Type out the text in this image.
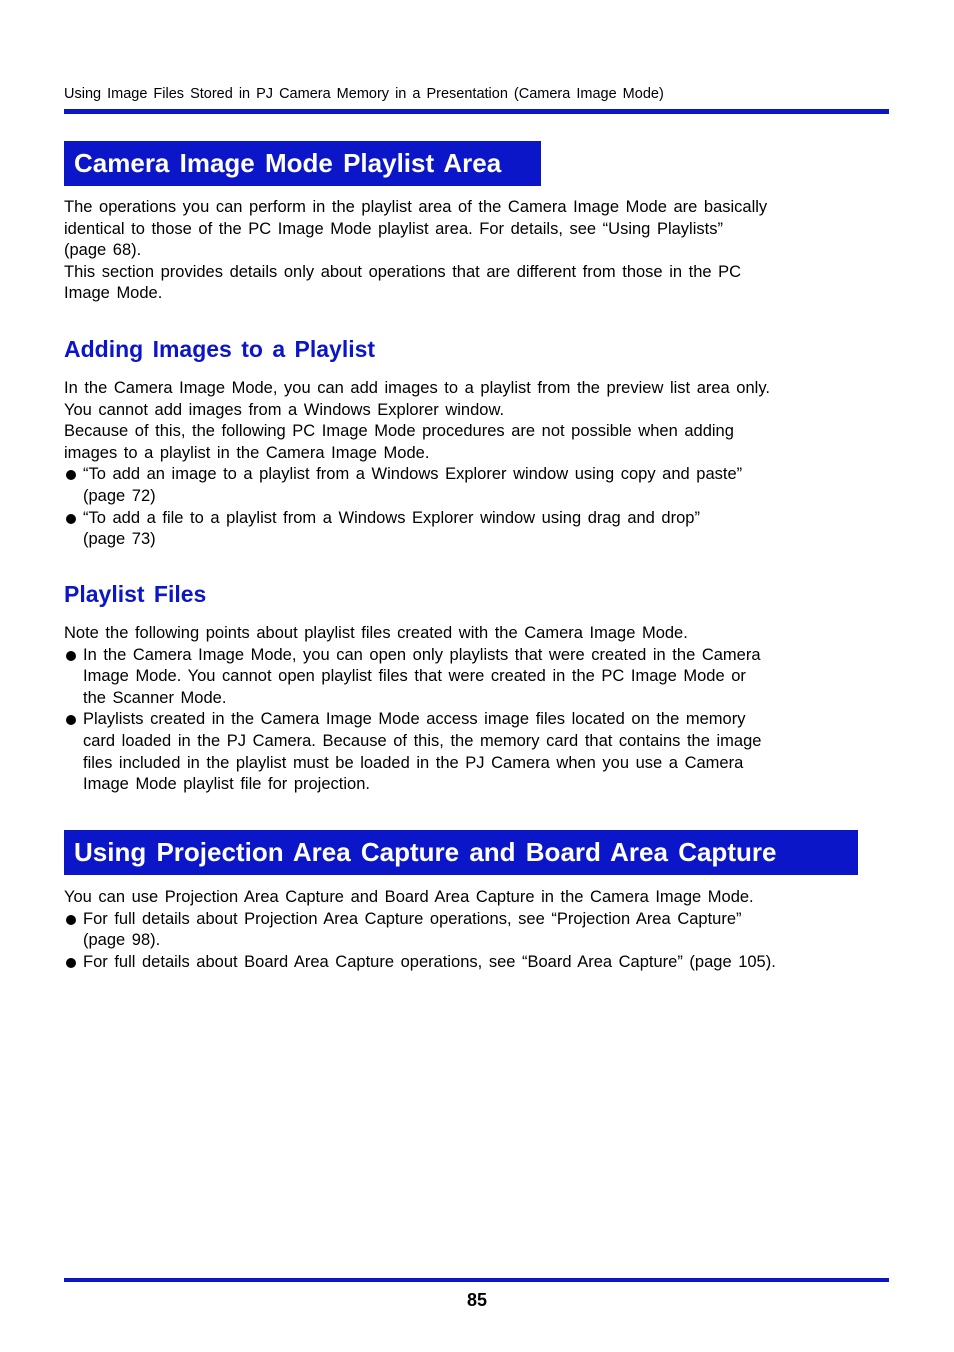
Using Image Files Stored in PJ Camera Memory in a Presentation (Camera Image Mode)
Camera Image Mode Playlist Area

The operations you can perform in the playlist area of the Camera Image Mode are basically
identical to those of the PC Image Mode playlist area. For details, see “Using Playlists”
(page 68).

This section provides details only about operations that are different from those in the PC
Image Mode.

Adding Images to a Playlist

In the Camera Image Mode, you can add images to a playlist from the preview list area only.
You cannot add images from a Windows Explorer window.

Because of this, the following PC Image Mode procedures are not possible when adding
images to a playlist in the Camera Image Mode.

“To add an image to a playlist from a Windows Explorer window using copy and paste”
(page 72)
“To add a file to a playlist from a Windows Explorer window using drag and drop”
(page 73)
Playlist Files

Note the following points about playlist files created with the Camera Image Mode.

In the Camera Image Mode, you can open only playlists that were created in the Camera
Image Mode. You cannot open playlist files that were created in the PC Image Mode or
the Scanner Mode.
Playlists created in the Camera Image Mode access image files located on the memory
card loaded in the PJ Camera. Because of this, the memory card that contains the image
files included in the playlist must be loaded in the PJ Camera when you use a Camera
Image Mode playlist file for projection.
Using Projection Area Capture and Board Area Capture

You can use Projection Area Capture and Board Area Capture in the Camera Image Mode.

For full details about Projection Area Capture operations, see “Projection Area Capture”
(page 98).
For full details about Board Area Capture operations, see “Board Area Capture” (page 105).
85
